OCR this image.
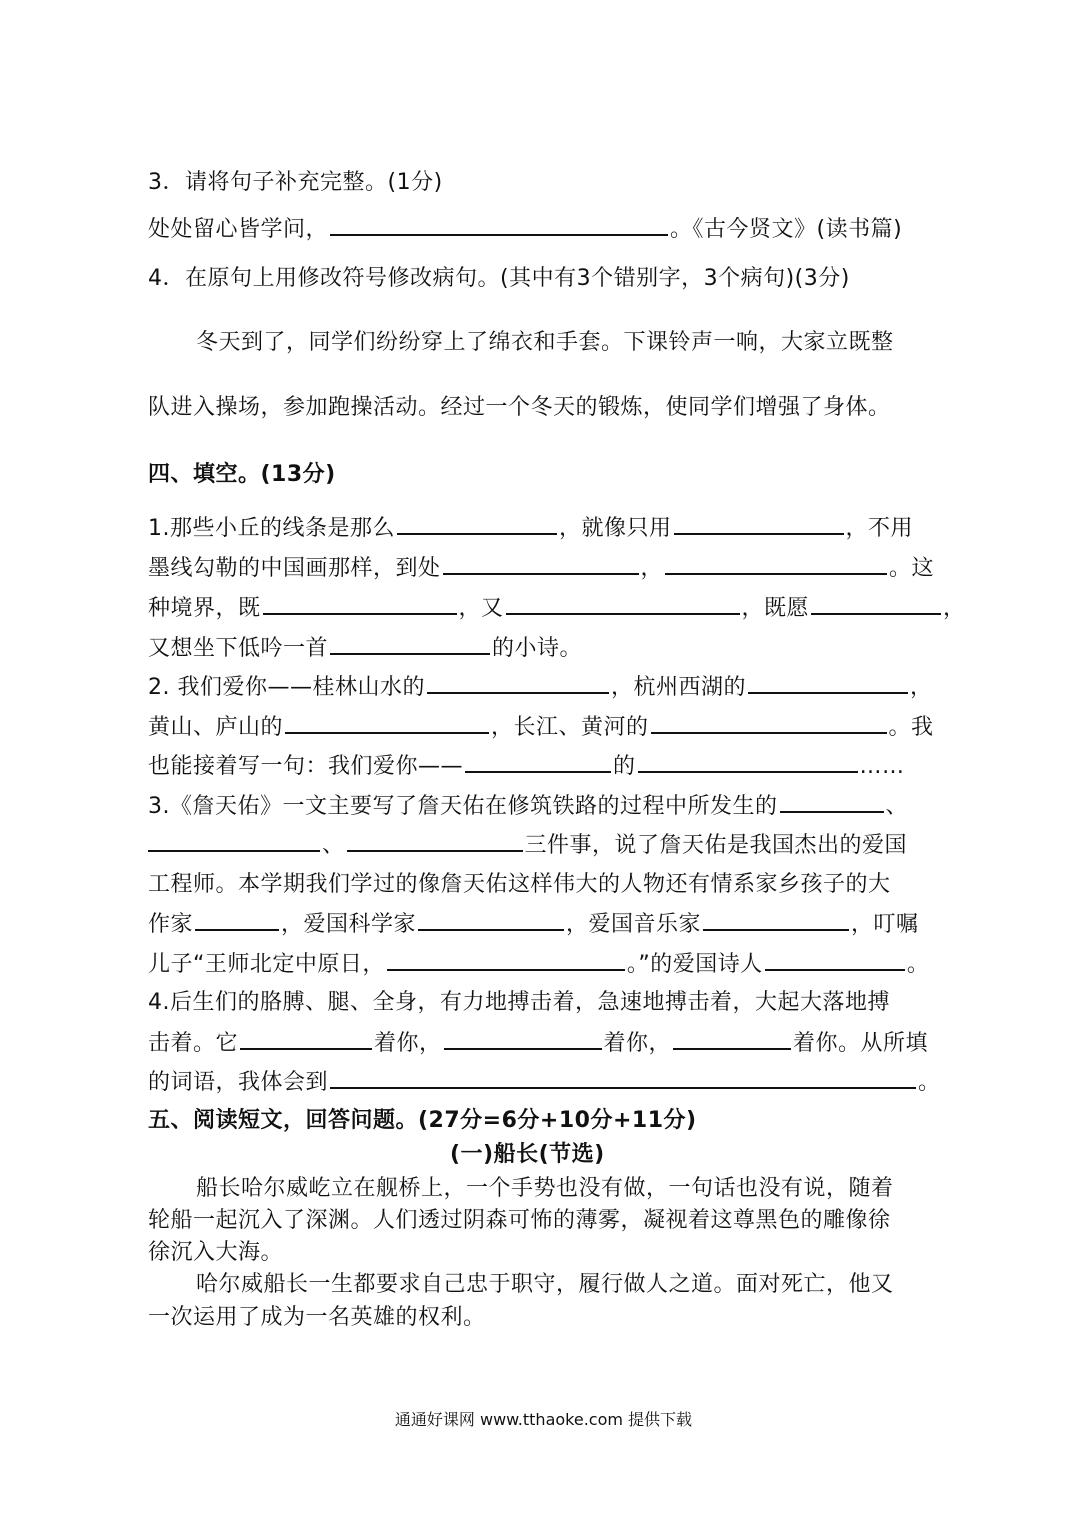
3．请将句子补充完整。(1分)
处处留心皆学问，	。《古今贤文》(读书篇)
4．在原句上用修改符号修改病句。(其中有3个错别字，3个病句)(3分)
冬天到了，同学们纷纷穿上了绵衣和手套。下课铃声一响，大家立既整
队进入操场，参加跑操活动。经过一个冬天的锻炼，使同学们增强了身体。
四、填空。(13分)
1.那些小丘的线条是那么	，就像只用	，不用
墨线勾勒的中国画那样，到处	，	。这
种境界，既	，又	，既愿	，
又想坐下低吟一首	的小诗。
2. 我们爱你——桂林山水的	，杭州西湖的	，
黄山、庐山的	，长江、黄河的	。我
也能接着写一句：我们爱你——	的	……
3.《詹天佑》一文主要写了詹天佑在修筑铁路的过程中所发生的	、
、	三件事，说了詹天佑是我国杰出的爱国
工程师。本学期我们学过的像詹天佑这样伟大的人物还有情系家乡孩子的大
作家	，爱国科学家	，爱国音乐家	，叮嘱
儿子“王师北定中原日，	。”的爱国诗人	。
4.后生们的胳膊、腿、全身，有力地搏击着，急速地搏击着，大起大落地搏
击着。它	着你，	着你，	着你。从所填
的词语，我体会到	。
五、阅读短文，回答问题。(27分=6分+10分+11分)
(一)船长(节选)
船长哈尔威屹立在舰桥上，一个手势也没有做，一句话也没有说，随着
轮船一起沉入了深渊。人们透过阴森可怖的薄雾，凝视着这尊黑色的雕像徐
徐沉入大海。
哈尔威船长一生都要求自己忠于职守，履行做人之道。面对死亡，他又
一次运用了成为一名英雄的权利。
通通好课网 www.tthaoke.com 提供下载
